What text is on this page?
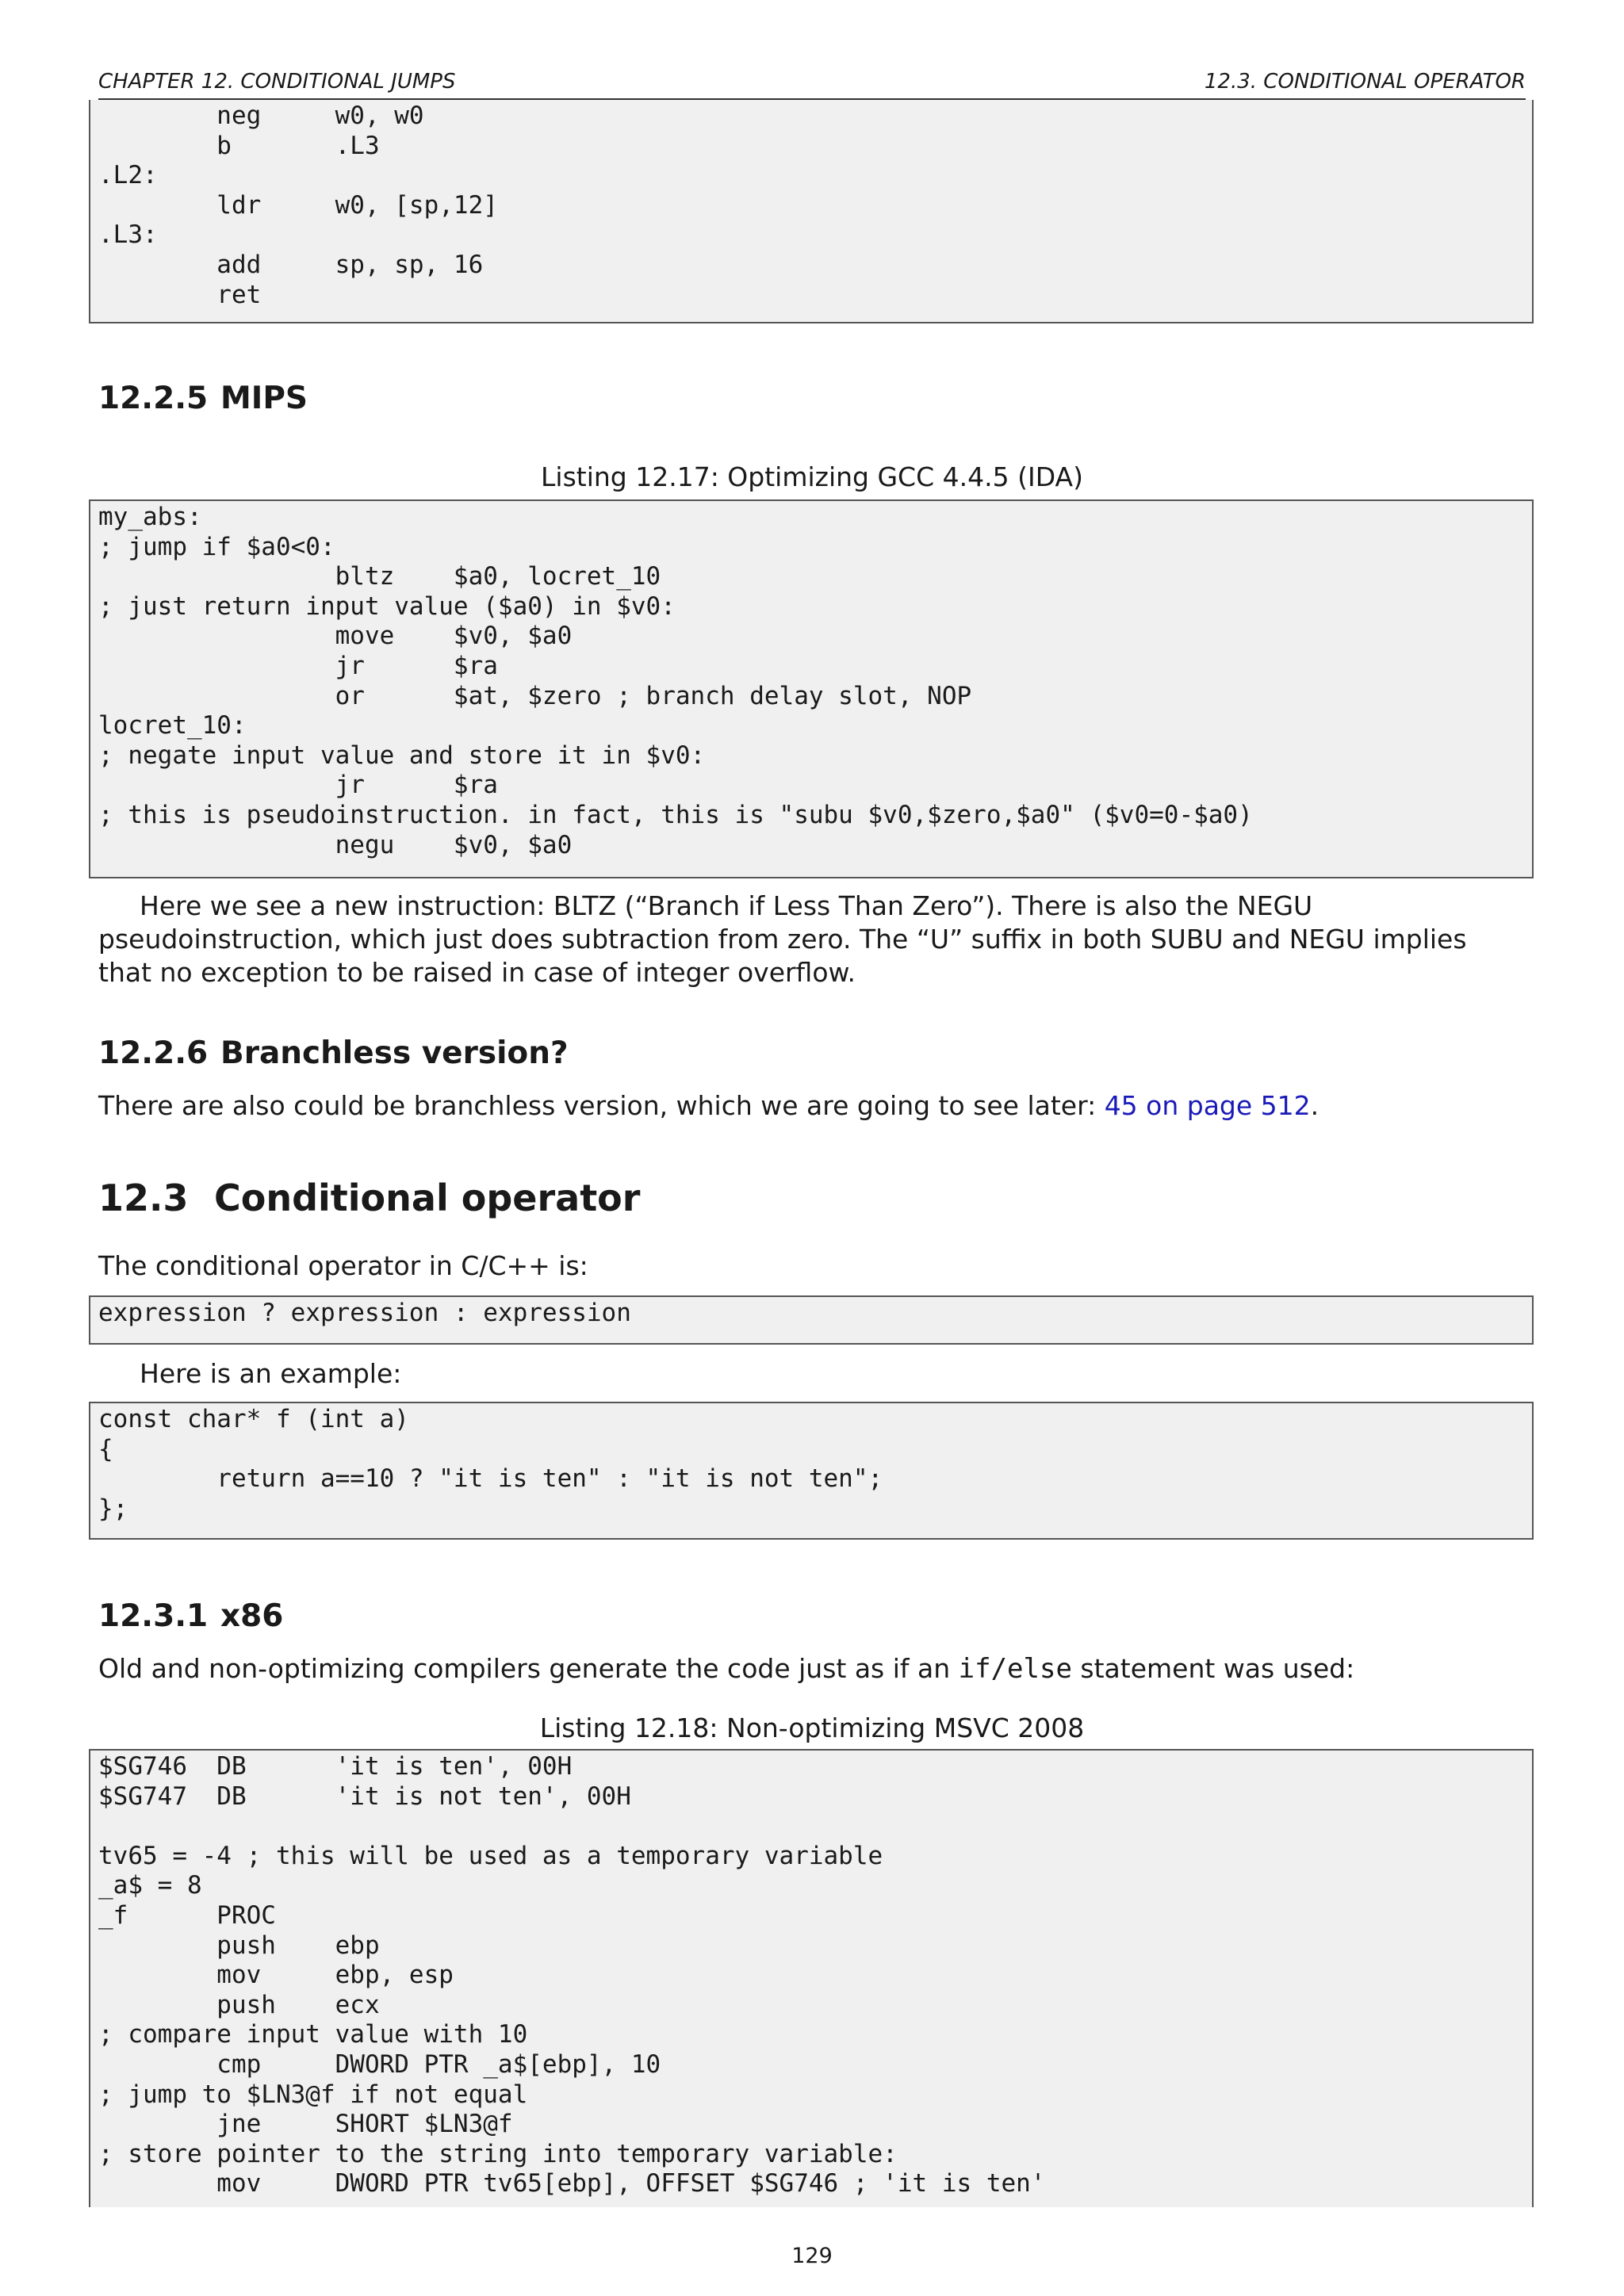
CHAPTER 12. CONDITIONAL JUMPS	12.3. CONDITIONAL OPERATOR
neg     w0, w0
b       .L3
.L2:
ldr     w0, [sp,12]
.L3:
add     sp, sp, 16
ret
12.2.5 MIPS
Listing 12.17: Optimizing GCC 4.4.5 (IDA)
my_abs:
; jump if $a0<0:
bltz    $a0, locret_10
; just return input value ($a0) in $v0:
move    $v0, $a0
jr      $ra
or      $at, $zero ; branch delay slot, NOP
locret_10:
; negate input value and store it in $v0:
jr      $ra
; this is pseudoinstruction. in fact, this is "subu $v0,$zero,$a0" ($v0=0-$a0)
negu    $v0, $a0
Here we see a new instruction: BLTZ (“Branch if Less Than Zero”). There is also the NEGU pseudoinstruction, which just does subtraction from zero. The “U” suffix in both SUBU and NEGU implies that no exception to be raised in case of integer overflow.
12.2.6 Branchless version?
There are also could be branchless version, which we are going to see later: 45 on page 512.
12.3 Conditional operator
The conditional operator in C/C++ is:
expression ? expression : expression
Here is an example:
const char* f (int a)
{
return a==10 ? "it is ten" : "it is not ten";
};
12.3.1 x86
Old and non-optimizing compilers generate the code just as if an if/else statement was used:
Listing 12.18: Non-optimizing MSVC 2008
$SG746  DB      'it is ten', 00H
$SG747  DB      'it is not ten', 00H
tv65 = -4 ; this will be used as a temporary variable
_a$ = 8
_f      PROC
push    ebp
mov     ebp, esp
push    ecx
; compare input value with 10
cmp     DWORD PTR _a$[ebp], 10
; jump to $LN3@f if not equal
jne     SHORT $LN3@f
; store pointer to the string into temporary variable:
mov     DWORD PTR tv65[ebp], OFFSET $SG746 ; 'it is ten'
129
